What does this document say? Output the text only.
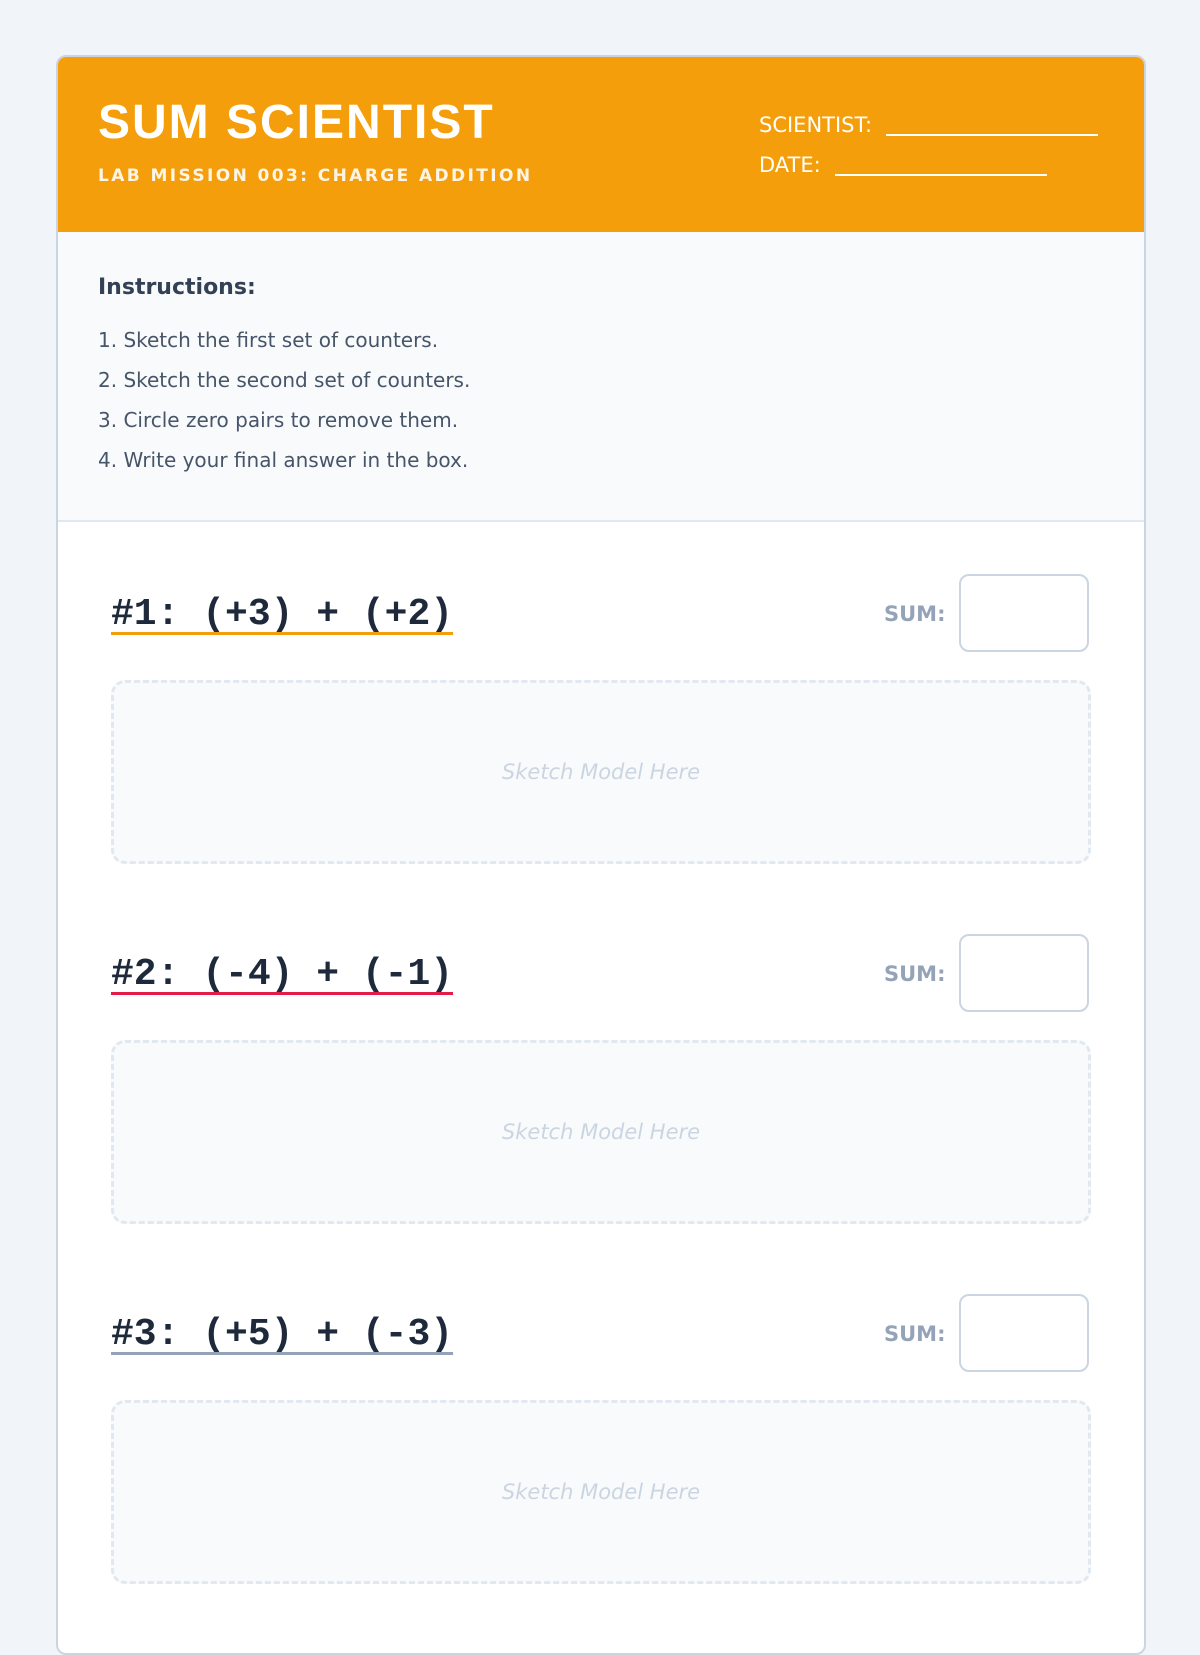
SUM SCIENTIST
LAB MISSION 003: CHARGE ADDITION
SCIENTIST:
DATE:
Instructions:
1. Sketch the first set of counters.
2. Sketch the second set of counters.
3. Circle zero pairs to remove them.
4. Write your final answer in the box.
#1: (+3) + (+2)	SUM:
Sketch Model Here
#2: (-4) + (-1)	SUM:
Sketch Model Here
#3: (+5) + (-3)	SUM:
Sketch Model Here
